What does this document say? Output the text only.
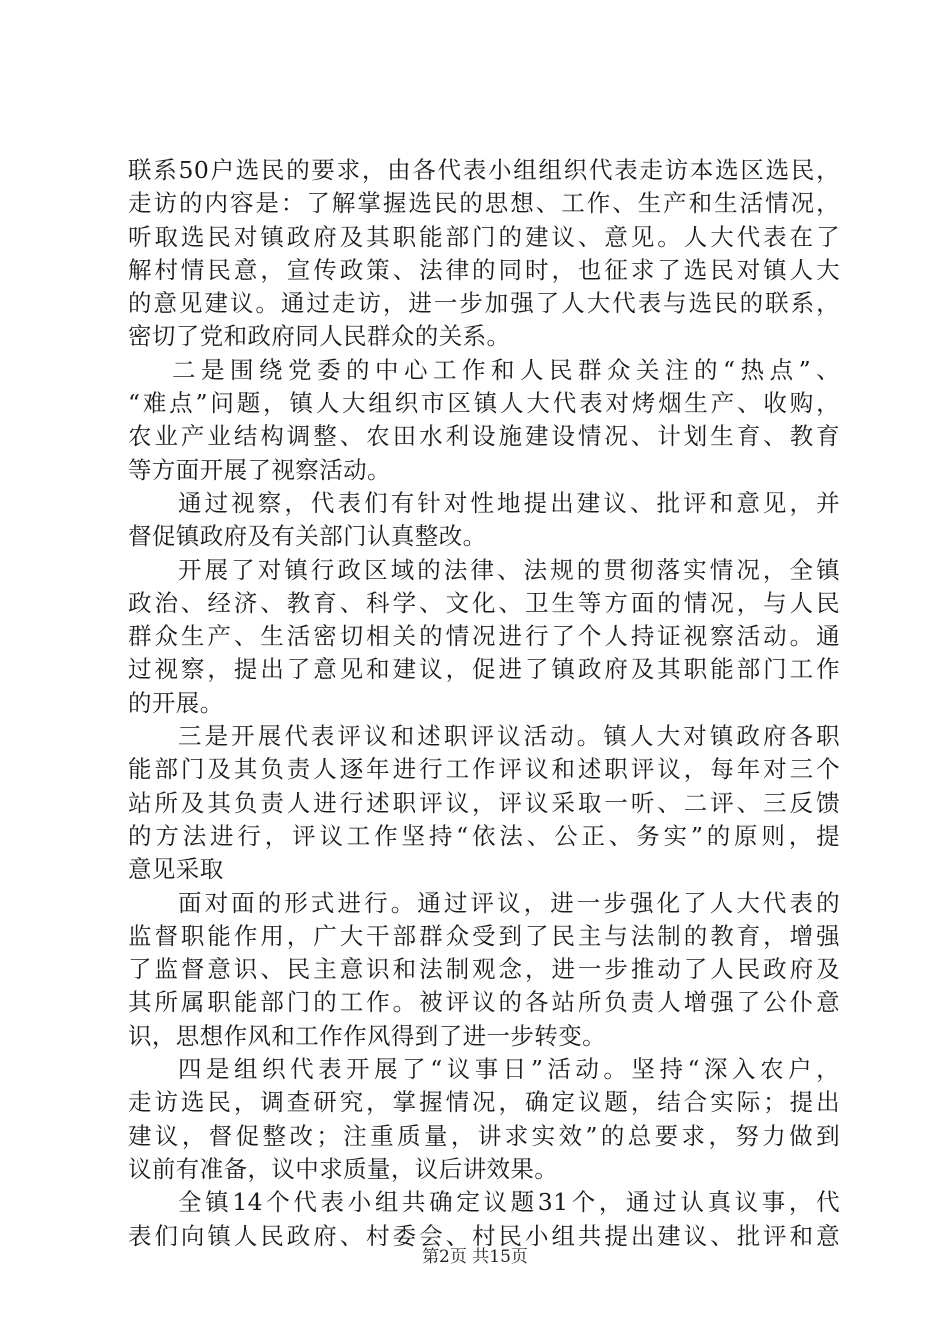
联系50户选民的要求，由各代表小组组织代表走访本选区选民，
走访的内容是：了解掌握选民的思想、工作、生产和生活情况，
听取选民对镇政府及其职能部门的建议、意见。人大代表在了
解村情民意，宣传政策、法律的同时，也征求了选民对镇人大
的意见建议。通过走访，进一步加强了人大代表与选民的联系，
密切了党和政府同人民群众的关系。
二是围绕党委的中心工作和人民群众关注的“热点”、
“难点”问题，镇人大组织市区镇人大代表对烤烟生产、收购，
农业产业结构调整、农田水利设施建设情况、计划生育、教育
等方面开展了视察活动。
通过视察，代表们有针对性地提出建议、批评和意见，并
督促镇政府及有关部门认真整改。
开展了对镇行政区域的法律、法规的贯彻落实情况，全镇
政治、经济、教育、科学、文化、卫生等方面的情况，与人民
群众生产、生活密切相关的情况进行了个人持证视察活动。通
过视察，提出了意见和建议，促进了镇政府及其职能部门工作
的开展。
三是开展代表评议和述职评议活动。镇人大对镇政府各职
能部门及其负责人逐年进行工作评议和述职评议，每年对三个
站所及其负责人进行述职评议，评议采取一听、二评、三反馈
的方法进行，评议工作坚持“依法、公正、务实”的原则，提
意见采取
面对面的形式进行。通过评议，进一步强化了人大代表的
监督职能作用，广大干部群众受到了民主与法制的教育，增强
了监督意识、民主意识和法制观念，进一步推动了人民政府及
其所属职能部门的工作。被评议的各站所负责人增强了公仆意
识，思想作风和工作作风得到了进一步转变。
四是组织代表开展了“议事日”活动。坚持“深入农户，
走访选民，调查研究，掌握情况，确定议题，结合实际；提出
建议，督促整改；注重质量，讲求实效”的总要求，努力做到
议前有准备，议中求质量，议后讲效果。
全镇14个代表小组共确定议题31个，通过认真议事，代
表们向镇人民政府、村委会、村民小组共提出建议、批评和意
第2页 共15页
